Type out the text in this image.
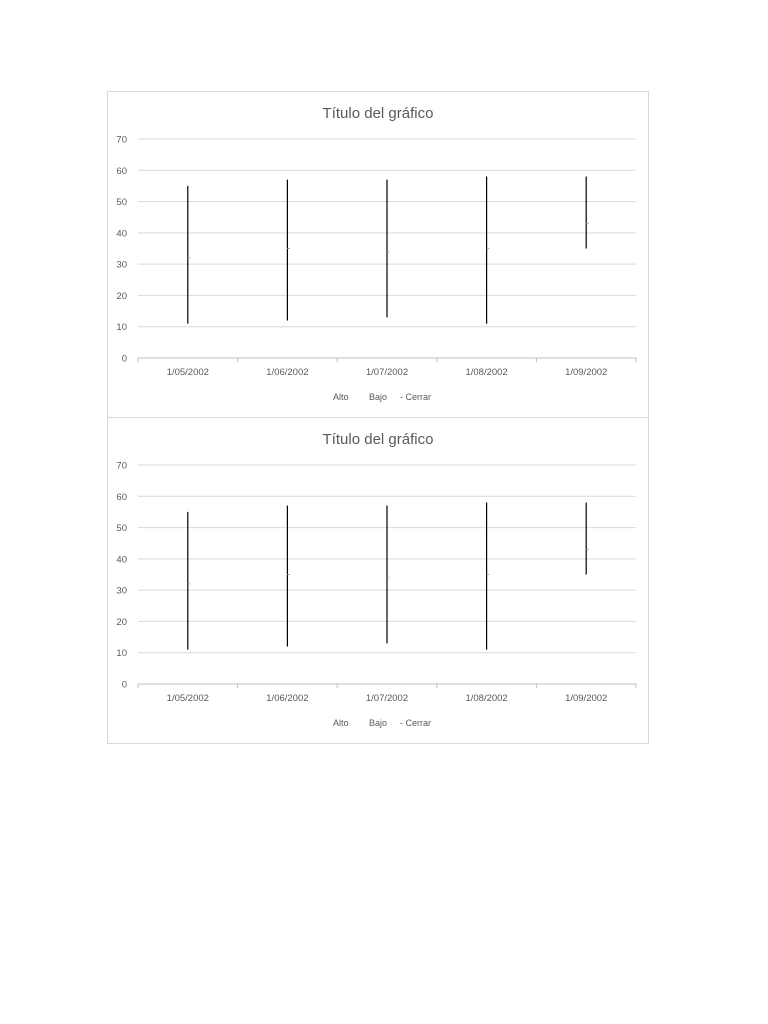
Título del gráfico
0
10
20
30
40
50
60
70
1/05/2002	1/06/2002	1/07/2002	1/08/2002	1/09/2002
Alto Bajo - Cerrar
Título del gráfico
0
10
20
30
40
50
60
70
1/05/2002	1/06/2002	1/07/2002	1/08/2002	1/09/2002
Alto Bajo - Cerrar
